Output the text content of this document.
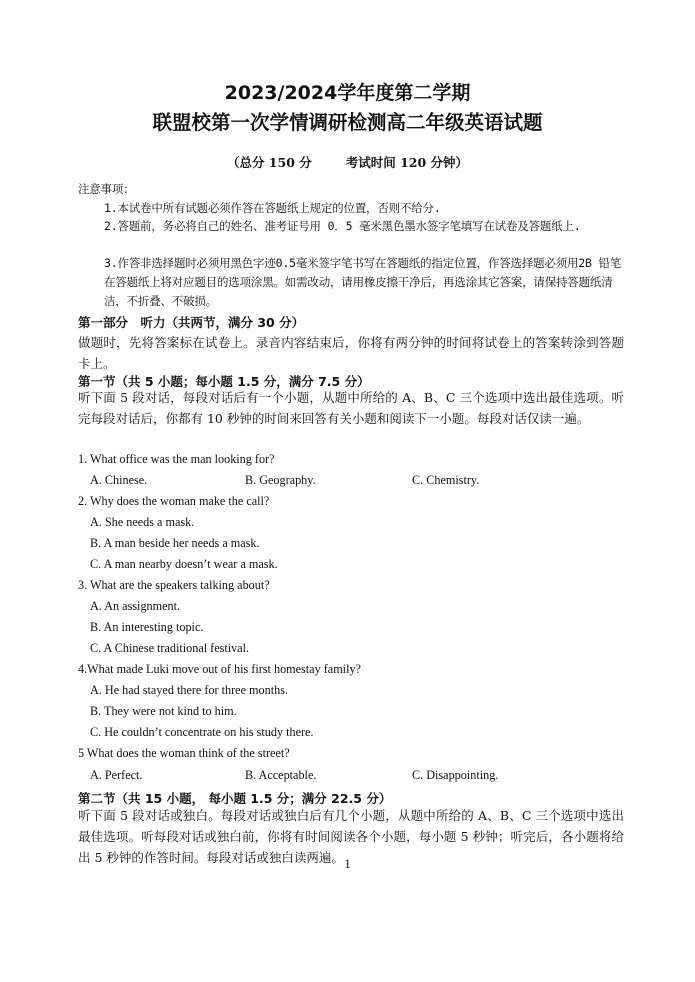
2023/2024学年度第二学期
联盟校第一次学情调研检测高二年级英语试题
（总分 150 分	考试时间 120 分钟）
注意事项：
1.本试卷中所有试题必须作答在答题纸上规定的位置，否则不给分.
2.答题前，务必将自己的姓名、准考证号用 0．5 毫米黑色墨水签字笔填写在试卷及答题纸上.
3.作答非选择题时必须用黑色字迹0.5毫米签字笔书写在答题纸的指定位置，作答选择题必须用2B 铅笔在答题纸上将对应题目的选项涂黑。如需改动，请用橡皮擦干净后，再选涂其它答案，请保持答题纸清洁，不折叠、不破损。
第一部分　听力（共两节，满分 30 分）
做题时，先将答案标在试卷上。录音内容结束后，你将有两分钟的时间将试卷上的答案转涂到答题卡上。
第一节（共 5 小题；每小题 1.5 分，满分 7.5 分）
听下面 5 段对话，每段对话后有一个小题，从题中所给的 A、B、C 三个选项中选出最佳选项。听完每段对话后，你都有 10 秒钟的时间来回答有关小题和阅读下一小题。每段对话仅读一遍。
1. What office was the man looking for?
A. Chinese.	B. Geography.	C. Chemistry.
2. Why does the woman make the call?
A. She needs a mask.
B. A man beside her needs a mask.
C. A man nearby doesn’t wear a mask.
3. What are the speakers talking about?
A. An assignment.
B. An interesting topic.
C. A Chinese traditional festival.
4.What made Luki move out of his first homestay family?
A. He had stayed there for three months.
B. They were not kind to him.
C. He couldn’t concentrate on his study there.
5 What does the woman think of the street?
A. Perfect.	B. Acceptable.	C. Disappointing.
第二节（共 15 小题， 每小题 1.5 分；满分 22.5 分）
听下面 5 段对话或独白。每段对话或独白后有几个小题，从题中所给的 A、B、C 三个选项中选出最佳选项。听每段对话或独白前，你将有时间阅读各个小题，每小题 5 秒钟；听完后，各小题将给出 5 秒钟的作答时间。每段对话或独白读两遍。 1
